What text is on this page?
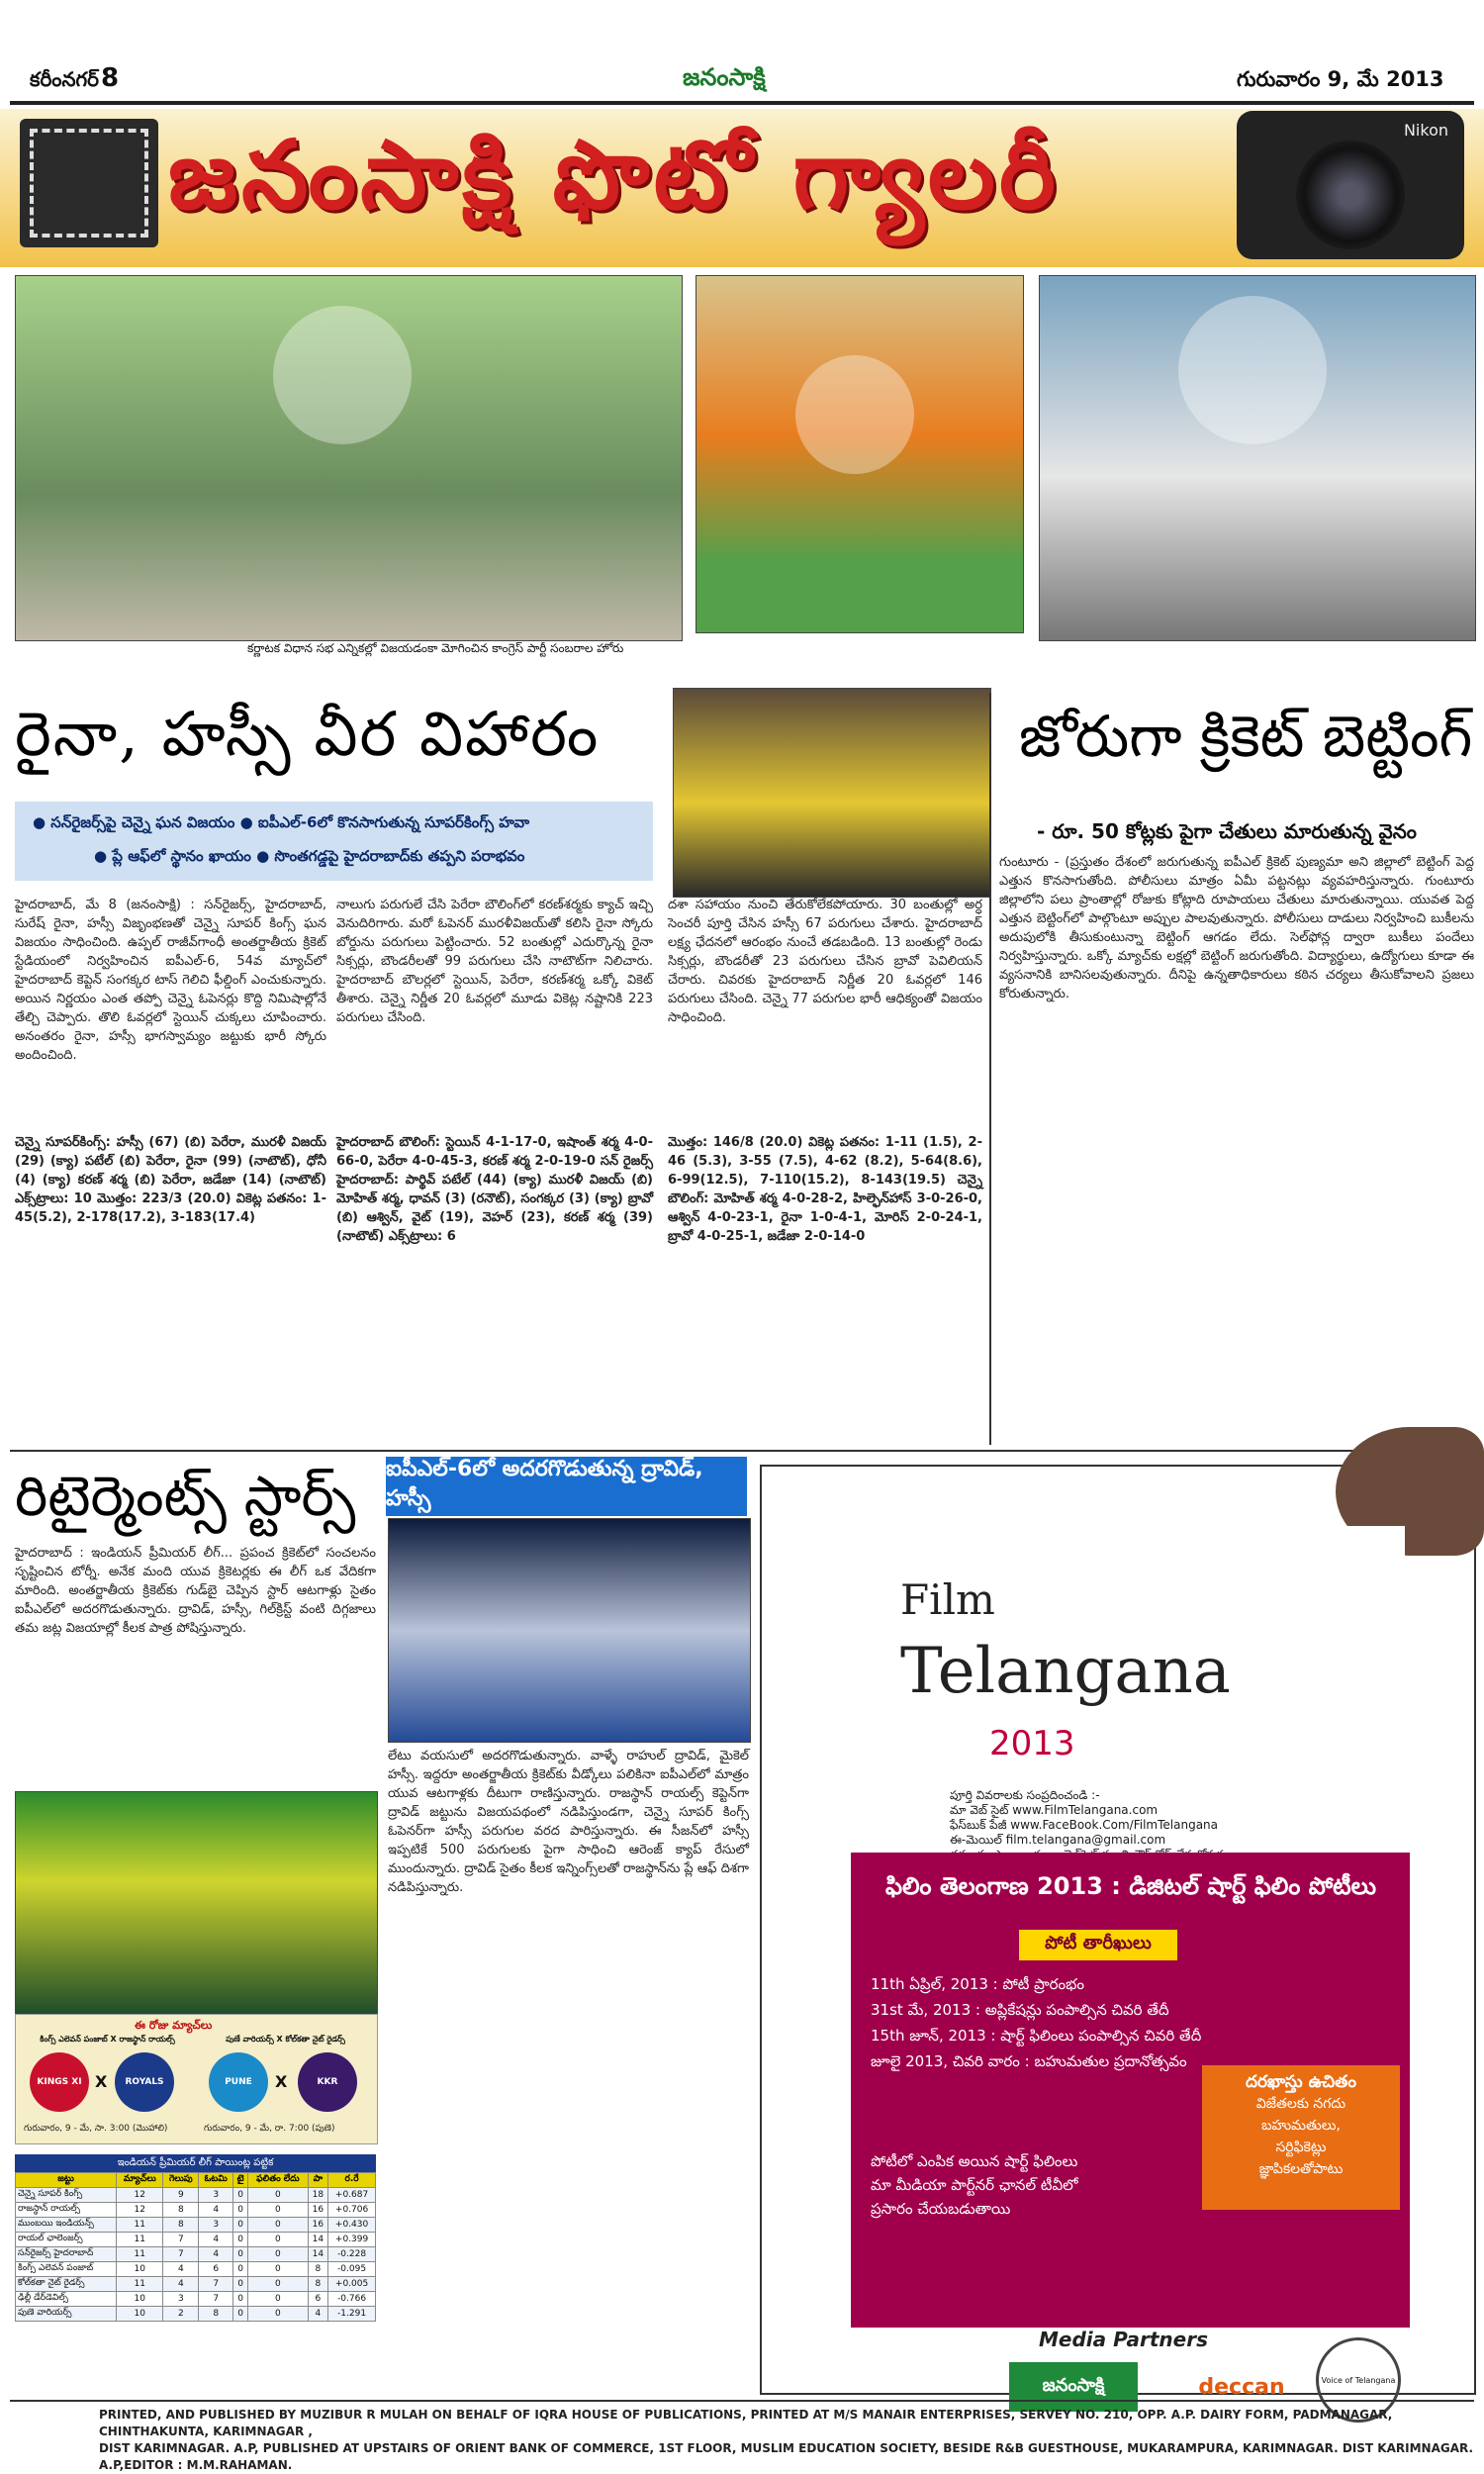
కరీంనగర్ 8	జనంసాక్షి	గురువారం 9, మే 2013
జనంసాక్షి ఫొటో గ్యాలరీ	Nikon
కర్ణాటక విధాన సభ ఎన్నికల్లో విజయడంకా మోగించిన కాంగ్రెస్ పార్టీ సంబరాల హోరు
రైనా, హస్సీ వీర విహారం
● సన్‌రైజర్స్‌పై చెన్నై ఘన విజయం ● ఐపీఎల్-6లో కొనసాగుతున్న సూపర్‌కింగ్స్ హవా
● ప్లే ఆఫ్‌లో స్థానం ఖాయం ● సొంతగడ్డపై హైదరాబాద్‌కు తప్పని పరాభవం
హైదరాబాద్, మే 8 (జనంసాక్షి) : సన్‌రైజర్స్, హైదరాబాద్, సురేష్ రైనా, హస్సీ విజృంభణతో చెన్నై సూపర్ కింగ్స్ ఘన విజయం సాధించింది. ఉప్పల్ రాజీవ్‌గాంధీ అంతర్జాతీయ క్రికెట్ స్టేడియంలో నిర్వహించిన ఐపీఎల్-6, 54వ మ్యాచ్‌లో హైదరాబాద్ కెప్టెన్ సంగక్కర టాస్ గెలిచి ఫీల్డింగ్ ఎంచుకున్నారు. అయిన నిర్ణయం ఎంత తప్పో చెన్నై ఓపెనర్లు కొద్ది నిమిషాల్లోనే తేల్చి చెప్పారు. తొలి ఓవర్లలో స్టెయిన్ చుక్కలు చూపించారు. అనంతరం రైనా, హస్సీ భాగస్వామ్యం జట్టుకు భారీ స్కోరు అందించింది.
నాలుగు పరుగులే చేసి పెరేరా బౌలింగ్‌లో కరణ్‌శర్మకు క్యాచ్ ఇచ్చి వెనుదిరిగారు. మరో ఓపెనర్ మురళీవిజయ్‌తో కలిసి రైనా స్కోరు బోర్డును పరుగులు పెట్టించారు. 52 బంతుల్లో ఎదుర్కొన్న రైనా సిక్సర్లు, బౌండరీలతో 99 పరుగులు చేసి నాటౌట్‌గా నిలిచారు. హైదరాబాద్ బౌలర్లలో స్టెయిన్, పెరేరా, కరణ్‌శర్మ ఒక్కో వికెట్ తీశారు. చెన్నై నిర్ణీత 20 ఓవర్లలో మూడు వికెట్ల నష్టానికి 223 పరుగులు చేసింది.
దశా సహాయం నుంచి తేరుకోలేకపోయారు. 30 బంతుల్లో అర్ధ సెంచరీ పూర్తి చేసిన హస్సీ 67 పరుగులు చేశారు. హైదరాబాద్ లక్ష్య ఛేదనలో ఆరంభం నుంచే తడబడింది. 13 బంతుల్లో రెండు సిక్సర్లు, బౌండరీతో 23 పరుగులు చేసిన బ్రావో పెవిలియన్ చేరారు. చివరకు హైదరాబాద్ నిర్ణీత 20 ఓవర్లలో 146 పరుగులు చేసింది. చెన్నై 77 పరుగుల భారీ ఆధిక్యంతో విజయం సాధించింది.
చెన్నై సూపర్‌కింగ్స్: హస్సీ (67) (బి) పెరేరా, మురళీ విజయ్ (29) (క్యా) పటేల్ (బి) పెరేరా, రైనా (99) (నాటౌట్), ధోనీ (4) (క్యా) కరణ్ శర్మ (బి) పెరేరా, జడేజా (14) (నాటౌట్) ఎక్స్‌ట్రాలు: 10 మొత్తం: 223/3 (20.0) వికెట్ల పతనం: 1-45(5.2), 2-178(17.2), 3-183(17.4)
హైదరాబాద్ బౌలింగ్: స్టెయిన్ 4-1-17-0, ఇషాంత్ శర్మ 4-0-66-0, పెరేరా 4-0-45-3, కరణ్ శర్మ 2-0-19-0 సన్‌ రైజర్స్ హైదరాబాద్: పార్థివ్ పటేల్ (44) (క్యా) మురళీ విజయ్ (బి) మోహిత్ శర్మ, ధావన్ (3) (రనౌట్), సంగక్కర (3) (క్యా) బ్రావో (బి) ఆశ్విన్, వైట్ (19), వెహర్ (23), కరణ్ శర్మ (39) (నాటౌట్) ఎక్స్‌ట్రాలు: 6
మొత్తం: 146/8 (20.0) వికెట్ల పతనం: 1-11 (1.5), 2-46 (5.3), 3-55 (7.5), 4-62 (8.2), 5-64(8.6), 6-99(12.5), 7-110(15.2), 8-143(19.5) చెన్నై బౌలింగ్: మోహిత్ శర్మ 4-0-28-2, హిల్ఫెన్‌హాస్ 3-0-26-0, ఆశ్విన్ 4-0-23-1, రైనా 1-0-4-1, మోరిస్ 2-0-24-1, బ్రావో 4-0-25-1, జడేజా 2-0-14-0
జోరుగా క్రికెట్ బెట్టింగ్
- రూ. 50 కోట్లకు పైగా చేతులు మారుతున్న వైనం
గుంటూరు - (ప్రస్తుతం దేశంలో జరుగుతున్న ఐపీఎల్ క్రికెట్ పుణ్యమా అని జిల్లాలో బెట్టింగ్ పెద్ద ఎత్తున కొనసాగుతోంది. పోలీసులు మాత్రం ఏమీ పట్టనట్లు వ్యవహరిస్తున్నారు. గుంటూరు జిల్లాలోని పలు ప్రాంతాల్లో రోజుకు కోట్లాది రూపాయలు చేతులు మారుతున్నాయి. యువత పెద్ద ఎత్తున బెట్టింగ్‌లో పాల్గొంటూ అప్పుల పాలవుతున్నారు. పోలీసులు దాడులు నిర్వహించి బుకీలను అదుపులోకి తీసుకుంటున్నా బెట్టింగ్ ఆగడం లేదు. సెల్‌ఫోన్ల ద్వారా బుకీలు పందేలు నిర్వహిస్తున్నారు. ఒక్కో మ్యాచ్‌కు లక్షల్లో బెట్టింగ్ జరుగుతోంది. విద్యార్థులు, ఉద్యోగులు కూడా ఈ వ్యసనానికి బానిసలవుతున్నారు. దీనిపై ఉన్నతాధికారులు కఠిన చర్యలు తీసుకోవాలని ప్రజలు కోరుతున్నారు.
రిటైర్మెంట్స్ స్టార్స్
హైదరాబాద్ : ఇండియన్ ప్రీమియర్ లీగ్... ప్రపంచ క్రికెట్‌లో సంచలనం సృష్టించిన టోర్నీ. అనేక మంది యువ క్రికెటర్లకు ఈ లీగ్ ఒక వేదికగా మారింది. అంతర్జాతీయ క్రికెట్‌కు గుడ్‌బై చెప్పిన స్టార్ ఆటగాళ్లు సైతం ఐపీఎల్‌లో అదరగొడుతున్నారు. ద్రావిడ్, హస్సీ, గిల్‌క్రిస్ట్ వంటి దిగ్గజాలు తమ జట్ల విజయాల్లో కీలక పాత్ర పోషిస్తున్నారు.
ఐపీఎల్-6లో అదరగొడుతున్న ద్రావిడ్, హస్సీ
లేటు వయసులో అదరగొడుతున్నారు. వాళ్ళే రాహుల్ ద్రావిడ్, మైకెల్ హస్సీ. ఇద్దరూ అంతర్జాతీయ క్రికెట్‌కు వీడ్కోలు పలికినా ఐపీఎల్‌లో మాత్రం యువ ఆటగాళ్లకు దీటుగా రాణిస్తున్నారు. రాజస్థాన్ రాయల్స్ కెప్టెన్‌గా ద్రావిడ్ జట్టును విజయపథంలో నడిపిస్తుండగా, చెన్నై సూపర్ కింగ్స్ ఓపెనర్‌గా హస్సీ పరుగుల వరద పారిస్తున్నారు. ఈ సీజన్‌లో హస్సీ ఇప్పటికే 500 పరుగులకు పైగా సాధించి ఆరెంజ్ క్యాప్ రేసులో ముందున్నారు. ద్రావిడ్ సైతం కీలక ఇన్నింగ్స్‌లతో రాజస్థాన్‌ను ప్లే ఆఫ్ దిశగా నడిపిస్తున్నారు.
ఈ రోజు మ్యాచ్‌లు
కింగ్స్ ఎలెవన్ పంజాబ్ X రాజస్థాన్ రాయల్స్	పుణే వారియర్స్ X కోల్‌కతా నైట్ రైడర్స్
KINGS XI X	ROYALS	PUNE	X	KKR
గురువారం, 9 - మే, సా. 3:00 (మొహాలి)	గురువారం, 9 - మే, రా. 7:00 (పుణె)
ఇండియన్ ప్రీమియర్ లీగ్ పాయింట్ల పట్టిక
జట్టు	మ్యాచ్‌లు	గెలుపు	ఓటమి	టై	ఫలితం లేదు	పా	ర.రే
చెన్నై సూపర్ కింగ్స్	12	9	3	0	0	18	+0.687
రాజస్థాన్ రాయల్స్	12	8	4	0	0	16	+0.706
ముంబయి ఇండియన్స్	11	8	3	0	0	16	+0.430
రాయల్ ఛాలెంజర్స్	11	7	4	0	0	14	+0.399
సన్‌రైజర్స్ హైదరాబాద్	11	7	4	0	0	14	-0.228
కింగ్స్ ఎలెవన్ పంజాబ్	10	4	6	0	0	8	-0.095
కోల్‌కతా నైట్ రైడర్స్	11	4	7	0	0	8	+0.005
ఢిల్లీ డేర్‌డెవిల్స్	10	3	7	0	0	6	-0.766
పుణె వారియర్స్	10	2	8	0	0	4	-1.291
Film
Telangana
2013
పూర్తి వివరాలకు సంప్రదించండి :-
మా వెబ్ సైట్ www.FilmTelangana.com
ఫేస్‌బుక్ పేజీ www.FaceBook.Com/FilmTelangana
ఈ-మెయిల్ film.telangana@gmail.com
ఫిలిం తెలంగాణ 2013 : డిజిటల్ షార్ట్ ఫిలిం పోటీలు
పోటీ తారీఖులు
11th ఏప్రిల్, 2013 : పోటీ ప్రారంభం
31st మే, 2013 : అప్లికేషన్లు పంపాల్సిన చివరి తేదీ
15th జూన్, 2013 : షార్ట్ ఫిలింలు పంపాల్సిన చివరి తేదీ
జూలై 2013, చివరి వారం : బహుమతుల ప్రదానోత్సవం
దరఖాస్తు ఉచితం
విజేతలకు నగదు
బహుమతులు,
సర్టిఫికెట్లు
జ్ఞాపికలతోపాటు
పోటీలో ఎంపిక అయిన షార్ట్ ఫిలింలు
మా మీడియా పార్ట్‌నర్ ఛానల్ టీవీలో
ప్రసారం చేయబడుతాయి
Media Partners
జనంసాక్షి	deccan	Voice of Telangana
PRINTED, AND PUBLISHED BY MUZIBUR R MULAH ON BEHALF OF IQRA HOUSE OF PUBLICATIONS, PRINTED AT M/S MANAIR ENTERPRISES, SERVEY NO. 210, OPP. A.P. DAIRY FORM, PADMANAGAR, CHINTHAKUNTA, KARIMNAGAR ,
DIST KARIMNAGAR. A.P, PUBLISHED AT UPSTAIRS OF ORIENT BANK OF COMMERCE, 1ST FLOOR, MUSLIM EDUCATION SOCIETY, BESIDE R&B GUESTHOUSE, MUKARAMPURA, KARIMNAGAR. DIST KARIMNAGAR. A.P,EDITOR : M.M.RAHAMAN.
